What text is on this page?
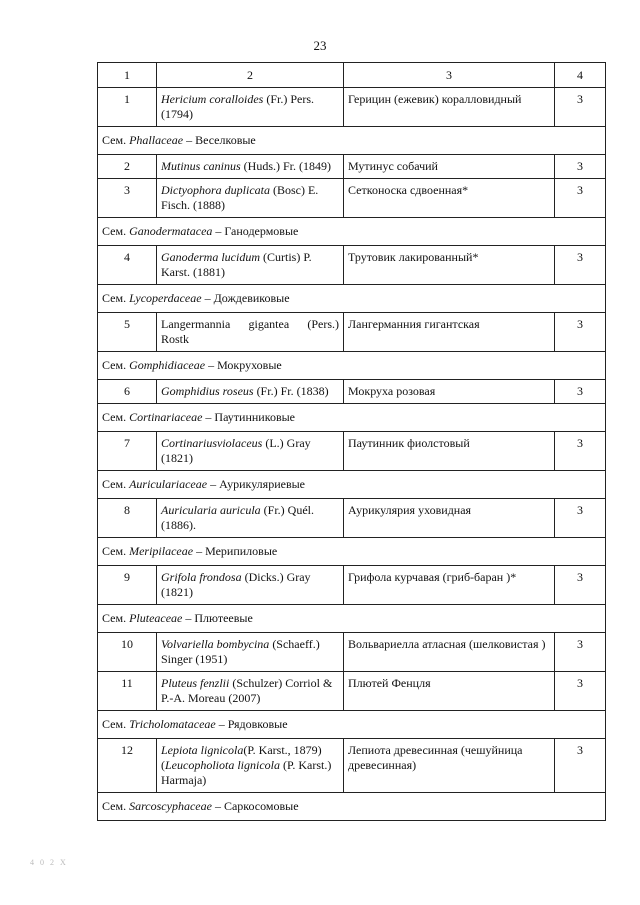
23
1	2	3	4
1	Hericium coralloides (Fr.) Pers. (1794)	Герицин (ежевик) коралловидный	3
Сем. Phallaceae – Веселковые			
2	Mutinus caninus (Huds.) Fr. (1849)	Мутинус собачий	3
3	Dictyophora duplicata (Bosc) E. Fisch. (1888)	Сетконоска сдвоенная*	3
Сем. Ganodermatacea – Ганодермовые			
4	Ganoderma lucidum (Curtis) P. Karst. (1881)	Трутовик лакированный*	3
Сем. Lycoperdaceae – Дождевиковые			
5	Langermannia   gigantea   (Pers.) Rostk	Лангерманния гигантская	3
Сем. Gomphidiaceae – Мокруховые			
6	Gomphidius roseus (Fr.) Fr. (1838)	Мокруха розовая	3
Сем. Cortinariaceae – Паутинниковые			
7	Cortinariusviolaceus (L.) Gray (1821)	Паутинник фиолстовый	3
Сем. Auriculariaceae – Аурикуляриевые			
8	Auricularia auricula (Fr.) Quél. (1886).	Аурикулярия уховидная	3
Сем. Meripilaceae – Мерипиловые			
9	Grifola frondosa (Dicks.) Gray (1821)	Грифола курчавая (гриб-баран )*	3
Сем. Pluteaceae – Плютеевые			
10	Volvariella bombycina (Schaeff.) Singer (1951)	Вольвариелла атласная (шелковистая )	3
11	Pluteus fenzlii (Schulzer) Corriol & P.-A. Moreau (2007)	Плютей Фенцля	3
Сем. Tricholomataceae – Рядовковые			
12	Lepiota lignicola(P. Karst., 1879) (Leucopholiota lignicola (P. Karst.) Harmaja)	Лепиота древесинная (чешуйница древесинная)	3
Сем. Sarcoscyphaceae – Саркосомовые			
4 0 2 X
